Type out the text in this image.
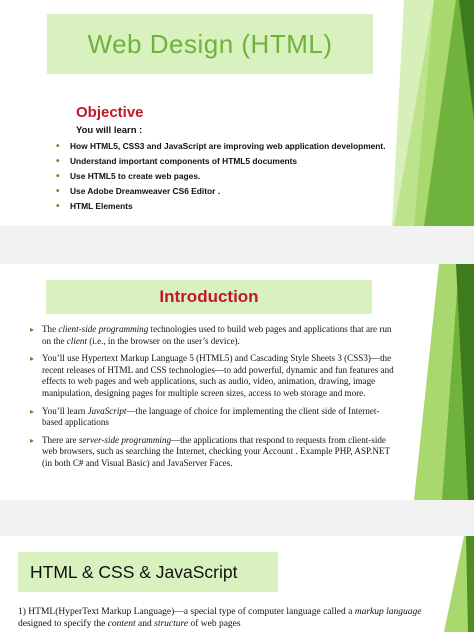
Web Design (HTML)
Objective
You will learn :
• How HTML5, CSS3 and JavaScript are improving web application development.
• Understand important components of HTML5 documents
• Use HTML5 to create web pages.
• Use Adobe Dreamweaver CS6 Editor .
• HTML Elements
Introduction
▸ The client-side programming technologies used to build web pages and applications that are run on the client (i.e., in the browser on the user’s device).
▸ You’ll use Hypertext Markup Language 5 (HTML5) and Cascading Style Sheets 3 (CSS3)—the recent releases of HTML and CSS technologies—to add powerful, dynamic and fun features and effects to web pages and web applications, such as audio, video, animation, drawing, image manipulation, designing pages for multiple screen sizes, access to web storage and more.
▸ You’ll learn JavaScript—the language of choice for implementing the client side of Internet-based applications
▸ There are server-side programming—the applications that respond to requests from client-side web browsers, such as searching the Internet, checking your Account . Example PHP, ASP.NET (in both C# and Visual Basic) and JavaServer Faces.
HTML & CSS & JavaScript
1) HTML(HyperText Markup Language)—a special type of computer language called a markup language designed to specify the content and structure of web pages
